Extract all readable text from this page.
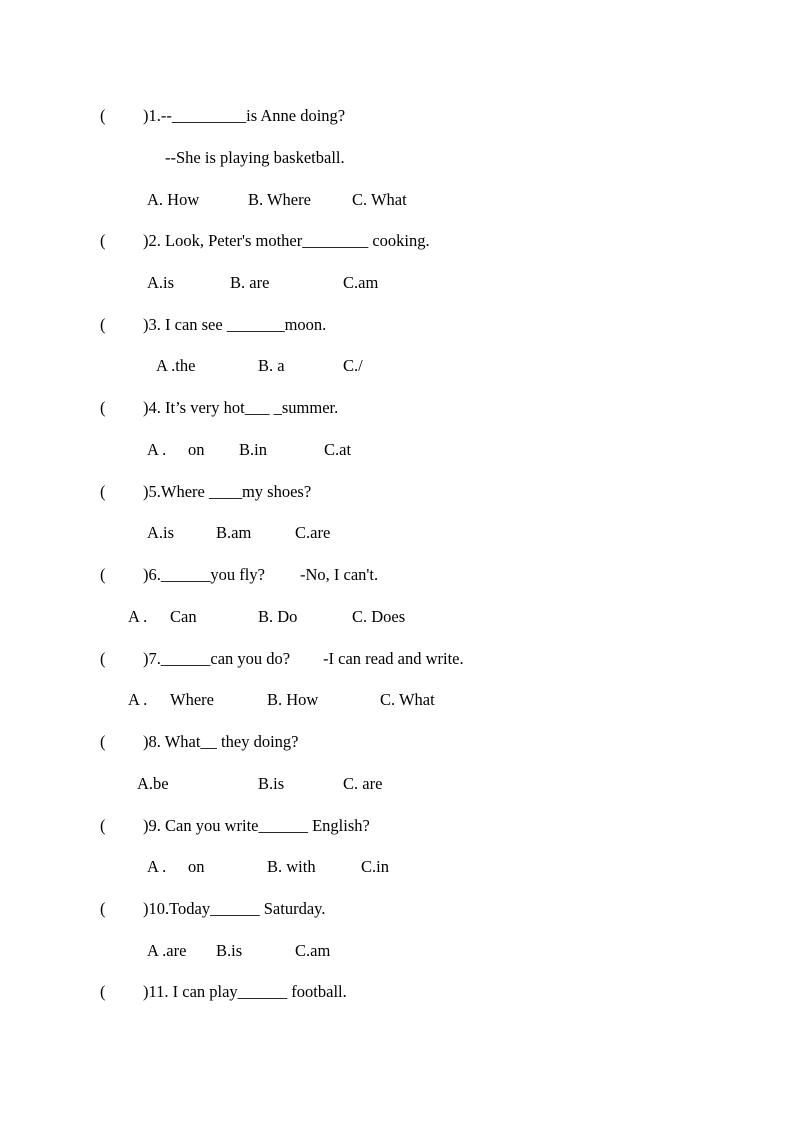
( )1.--_________is Anne doing?
--She is playing basketball.
A. How	B. Where C. What
( )2. Look, Peter's mother________ cooking.
A.is	B. are	C.am
( )3. I can see _______moon.
A .the	B. a	C./
( )4. It’s very hot___ _summer.
A . on B.in	C.at
( )5.Where ____my shoes?
A.is	B.am	C.are
( )6.______you fly? -No, I can't.
A . Can	B. Do	C. Does
( )7.______can you do? -I can read and write.
A . Where	B. How	C. What
( )8. What__ they doing?
A.be	B.is	C. are
( )9. Can you write______ English?
A . on	B. with	C.in
( )10.Today______ Saturday.
A .are B.is	C.am
( )11. I can play______ football.
